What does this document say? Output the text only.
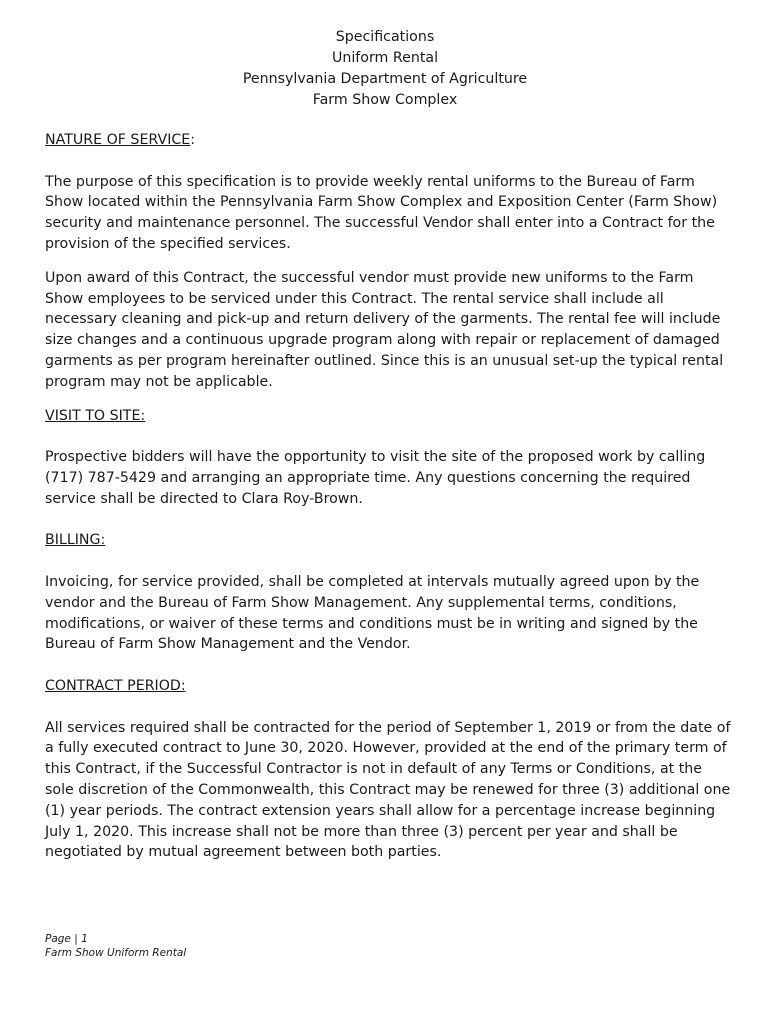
Specifications
Uniform Rental
Pennsylvania Department of Agriculture
Farm Show Complex

NATURE OF SERVICE:

The purpose of this specification is to provide weekly rental uniforms to the Bureau of Farm Show located within the Pennsylvania Farm Show Complex and Exposition Center (Farm Show) security and maintenance personnel. The successful Vendor shall enter into a Contract for the provision of the specified services.

Upon award of this Contract, the successful vendor must provide new uniforms to the Farm Show employees to be serviced under this Contract. The rental service shall include all necessary cleaning and pick-up and return delivery of the garments. The rental fee will include size changes and a continuous upgrade program along with repair or replacement of damaged garments as per program hereinafter outlined. Since this is an unusual set-up the typical rental program may not be applicable.

VISIT TO SITE:

Prospective bidders will have the opportunity to visit the site of the proposed work by calling (717) 787-5429 and arranging an appropriate time. Any questions concerning the required service shall be directed to Clara Roy-Brown.

BILLING:

Invoicing, for service provided, shall be completed at intervals mutually agreed upon by the vendor and the Bureau of Farm Show Management. Any supplemental terms, conditions, modifications, or waiver of these terms and conditions must be in writing and signed by the Bureau of Farm Show Management and the Vendor.

CONTRACT PERIOD:

All services required shall be contracted for the period of September 1, 2019 or from the date of a fully executed contract to June 30, 2020. However, provided at the end of the primary term of this Contract, if the Successful Contractor is not in default of any Terms or Conditions, at the sole discretion of the Commonwealth, this Contract may be renewed for three (3) additional one (1) year periods. The contract extension years shall allow for a percentage increase beginning July 1, 2020. This increase shall not be more than three (3) percent per year and shall be negotiated by mutual agreement between both parties.

Page | 1
Farm Show Uniform Rental
